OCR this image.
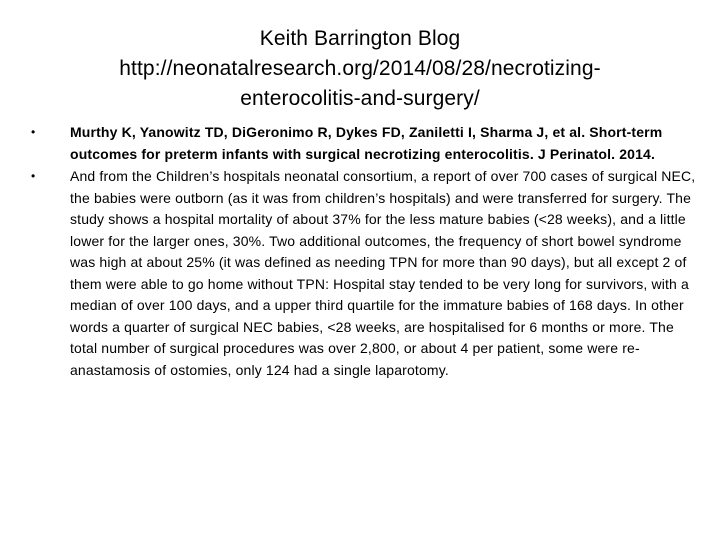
Keith Barrington Blog
http://neonatalresearch.org/2014/08/28/necrotizing-
enterocolitis-and-surgery/
• Murthy K, Yanowitz TD, DiGeronimo R, Dykes FD, Zaniletti I, Sharma J, et al. Short-term outcomes for preterm infants with surgical necrotizing enterocolitis. J Perinatol. 2014.
• And from the Children’s hospitals neonatal consortium, a report of over 700 cases of surgical NEC, the babies were outborn (as it was from children’s hospitals) and were transferred for surgery. The study shows a hospital mortality of about 37% for the less mature babies (<28 weeks), and a little lower for the larger ones, 30%. Two additional outcomes, the frequency of short bowel syndrome was high at about 25% (it was defined as needing TPN for more than 90 days), but all except 2 of them were able to go home without TPN: Hospital stay tended to be very long for survivors, with a median of over 100 days, and a upper third quartile for the immature babies of 168 days. In other words a quarter of surgical NEC babies, <28 weeks, are hospitalised for 6 months or more. The total number of surgical procedures was over 2,800, or about 4 per patient, some were re-anastamosis of ostomies, only 124 had a single laparotomy.
